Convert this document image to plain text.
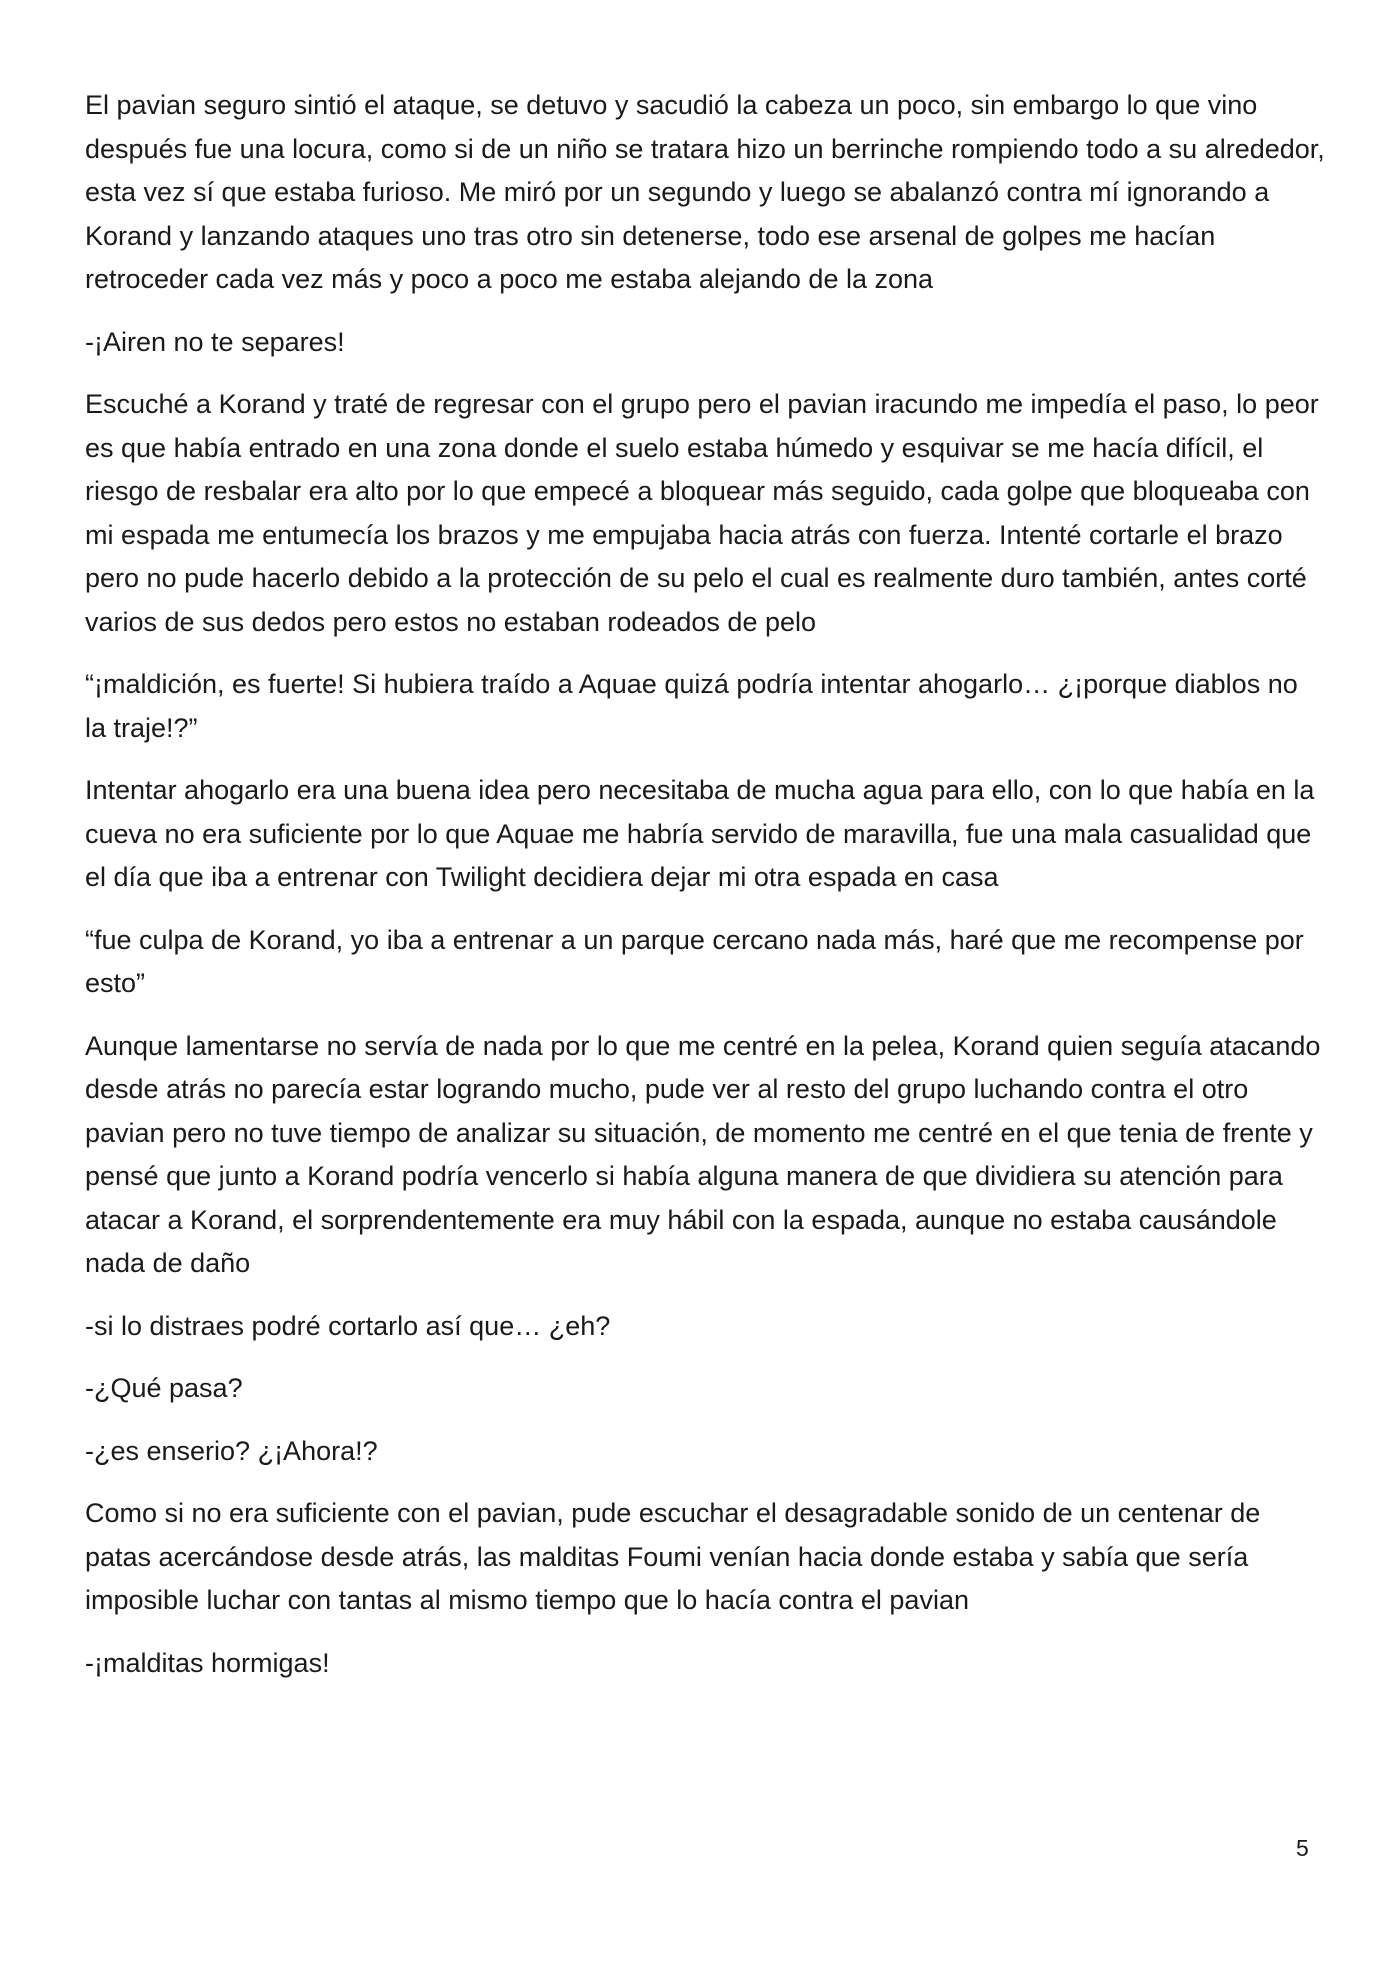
El pavian seguro sintió el ataque, se detuvo y sacudió la cabeza un poco, sin embargo lo que vino después fue una locura, como si de un niño se tratara hizo un berrinche rompiendo todo a su alrededor, esta vez sí que estaba furioso. Me miró por un segundo y luego se abalanzó contra mí ignorando a Korand y lanzando ataques uno tras otro sin detenerse, todo ese arsenal de golpes me hacían retroceder cada vez más y poco a poco me estaba alejando de la zona

-¡Airen no te separes!

Escuché a Korand y traté de regresar con el grupo pero el pavian iracundo me impedía el paso, lo peor es que había entrado en una zona donde el suelo estaba húmedo y esquivar se me hacía difícil, el riesgo de resbalar era alto por lo que empecé a bloquear más seguido, cada golpe que bloqueaba con mi espada me entumecía los brazos y me empujaba hacia atrás con fuerza. Intenté cortarle el brazo pero no pude hacerlo debido a la protección de su pelo el cual es realmente duro también, antes corté varios de sus dedos pero estos no estaban rodeados de pelo

“¡maldición, es fuerte! Si hubiera traído a Aquae quizá podría intentar ahogarlo… ¿¡porque diablos no la traje!?”

Intentar ahogarlo era una buena idea pero necesitaba de mucha agua para ello, con lo que había en la cueva no era suficiente por lo que Aquae me habría servido de maravilla, fue una mala casualidad que el día que iba a entrenar con Twilight decidiera dejar mi otra espada en casa

“fue culpa de Korand, yo iba a entrenar a un parque cercano nada más, haré que me recompense por esto”

Aunque lamentarse no servía de nada por lo que me centré en la pelea, Korand quien seguía atacando desde atrás no parecía estar logrando mucho, pude ver al resto del grupo luchando contra el otro pavian pero no tuve tiempo de analizar su situación, de momento me centré en el que tenia de frente y pensé que junto a Korand podría vencerlo si había alguna manera de que dividiera su atención para atacar a Korand, el sorprendentemente era muy hábil con la espada, aunque no estaba causándole nada de daño

-si lo distraes podré cortarlo así que… ¿eh?

-¿Qué pasa?

-¿es enserio? ¿¡Ahora!?

Como si no era suficiente con el pavian, pude escuchar el desagradable sonido de un centenar de patas acercándose desde atrás, las malditas Foumi venían hacia donde estaba y sabía que sería imposible luchar con tantas al mismo tiempo que lo hacía contra el pavian

-¡malditas hormigas!

5
